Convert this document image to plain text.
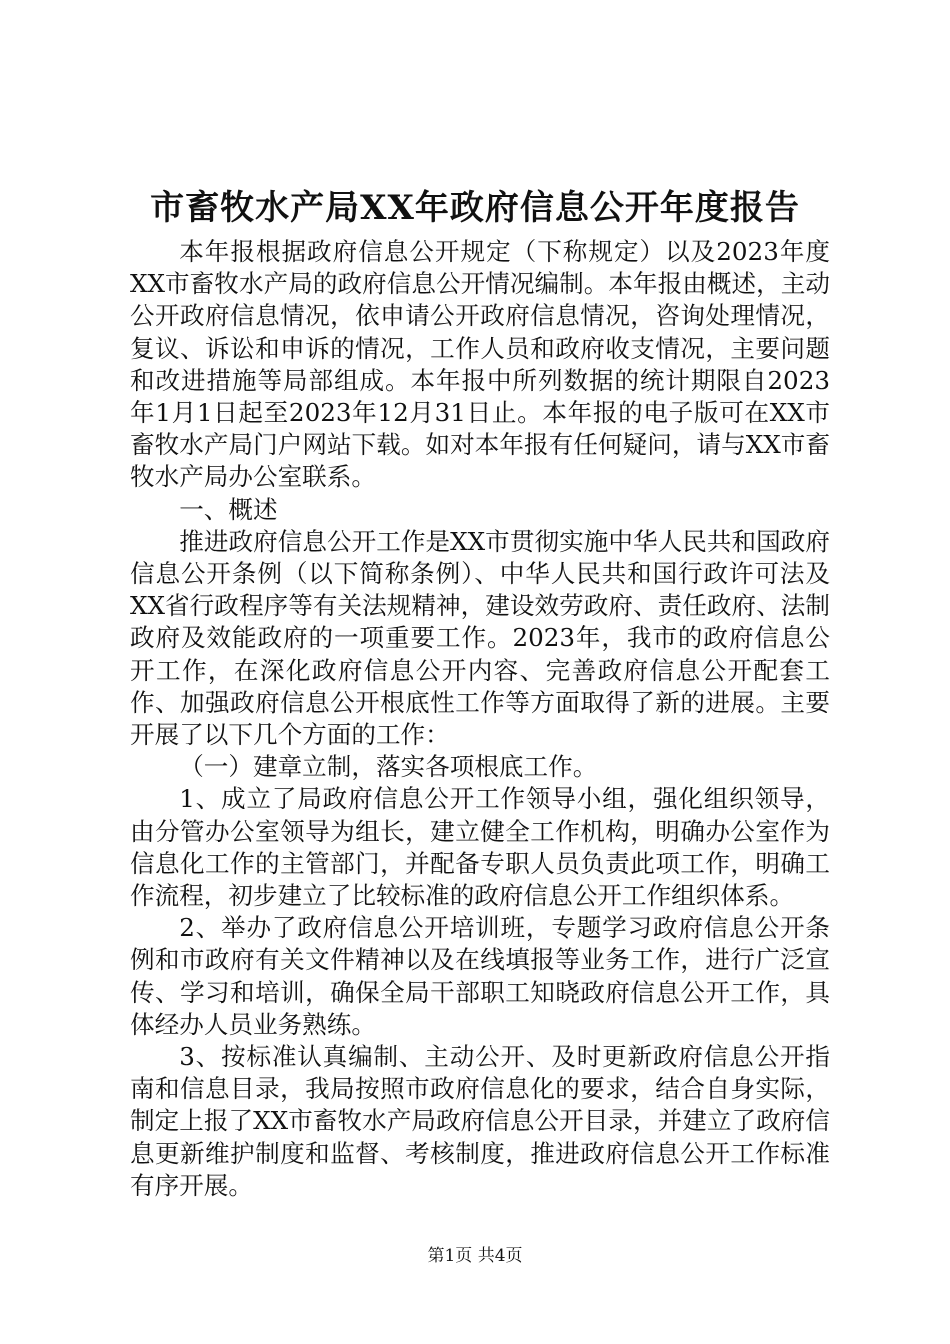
市畜牧水产局XX年政府信息公开年度报告

本年报根据政府信息公开规定（下称规定）以及2023年度XX市畜牧水产局的政府信息公开情况编制。本年报由概述，主动公开政府信息情况，依申请公开政府信息情况，咨询处理情况，复议、诉讼和申诉的情况，工作人员和政府收支情况，主要问题和改进措施等局部组成。本年报中所列数据的统计期限自2023年1月1日起至2023年12月31日止。本年报的电子版可在XX市畜牧水产局门户网站下载。如对本年报有任何疑问，请与XX市畜牧水产局办公室联系。

一、概述

推进政府信息公开工作是XX市贯彻实施中华人民共和国政府信息公开条例（以下简称条例）、中华人民共和国行政许可法及XX省行政程序等有关法规精神，建设效劳政府、责任政府、法制政府及效能政府的一项重要工作。2023年，我市的政府信息公开工作，在深化政府信息公开内容、完善政府信息公开配套工作、加强政府信息公开根底性工作等方面取得了新的进展。主要开展了以下几个方面的工作：

（一）建章立制，落实各项根底工作。

1、成立了局政府信息公开工作领导小组，强化组织领导，由分管办公室领导为组长，建立健全工作机构，明确办公室作为信息化工作的主管部门，并配备专职人员负责此项工作，明确工作流程，初步建立了比较标准的政府信息公开工作组织体系。

2、举办了政府信息公开培训班，专题学习政府信息公开条例和市政府有关文件精神以及在线填报等业务工作，进行广泛宣传、学习和培训，确保全局干部职工知晓政府信息公开工作，具体经办人员业务熟练。

3、按标准认真编制、主动公开、及时更新政府信息公开指南和信息目录，我局按照市政府信息化的要求，结合自身实际，制定上报了XX市畜牧水产局政府信息公开目录，并建立了政府信息更新维护制度和监督、考核制度，推进政府信息公开工作标准有序开展。

第1页 共4页
